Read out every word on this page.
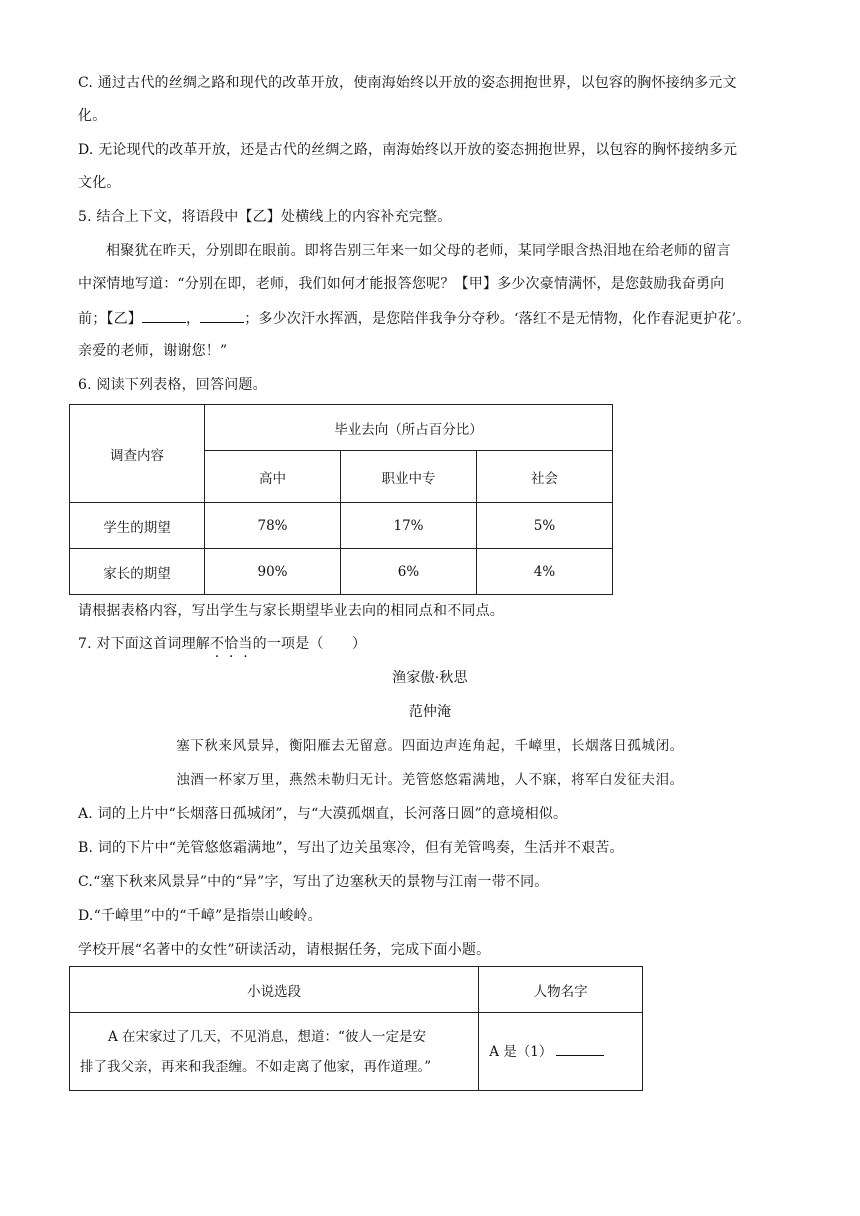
C. 通过古代的丝绸之路和现代的改革开放，使南海始终以开放的姿态拥抱世界，以包容的胸怀接纳多元文
化。
D. 无论现代的改革开放，还是古代的丝绸之路，南海始终以开放的姿态拥抱世界，以包容的胸怀接纳多元
文化。
5. 结合上下文，将语段中【乙】处横线上的内容补充完整。
相聚犹在昨天，分别即在眼前。即将告别三年来一如父母的老师，某同学眼含热泪地在给老师的留言
中深情地写道：“分别在即，老师，我们如何才能报答您呢？【甲】多少次豪情满怀，是您鼓励我奋勇向
前；【乙】	，	；多少次汗水挥洒，是您陪伴我争分夺秒。‘落红不是无情物，化作春泥更护花’。
亲爱的老师，谢谢您！”
6. 阅读下列表格，回答问题。
调查内容	毕业去向（所占百分比）		
	高中	职业中专	社会
学生的期望	78%	17%	5%
家长的期望	90%	6%	4%
请根据表格内容，写出学生与家长期望毕业去向的相同点和不同点。
7. 对下面这首词理解不恰当的一项是（　　）
渔家傲·秋思
范仲淹
塞下秋来风景异，衡阳雁去无留意。四面边声连角起，千嶂里，长烟落日孤城闭。
浊酒一杯家万里，燕然未勒归无计。羌管悠悠霜满地，人不寐，将军白发征夫泪。
A. 词的上片中“长烟落日孤城闭”，与“大漠孤烟直，长河落日圆”的意境相似。
B. 词的下片中“羌管悠悠霜满地”，写出了边关虽寒冷，但有羌管鸣奏，生活并不艰苦。
C.“塞下秋来风景异”中的“异”字，写出了边塞秋天的景物与江南一带不同。
D.“千嶂里”中的“千嶂”是指崇山峻岭。
学校开展“名著中的女性”研读活动，请根据任务，完成下面小题。
小说选段	人物名字

A 在宋家过了几天，不见消息，想道：“彼人一定是安
排了我父亲，再来和我歪缠。不如走离了他家，再作道理。”	A 是（1）
